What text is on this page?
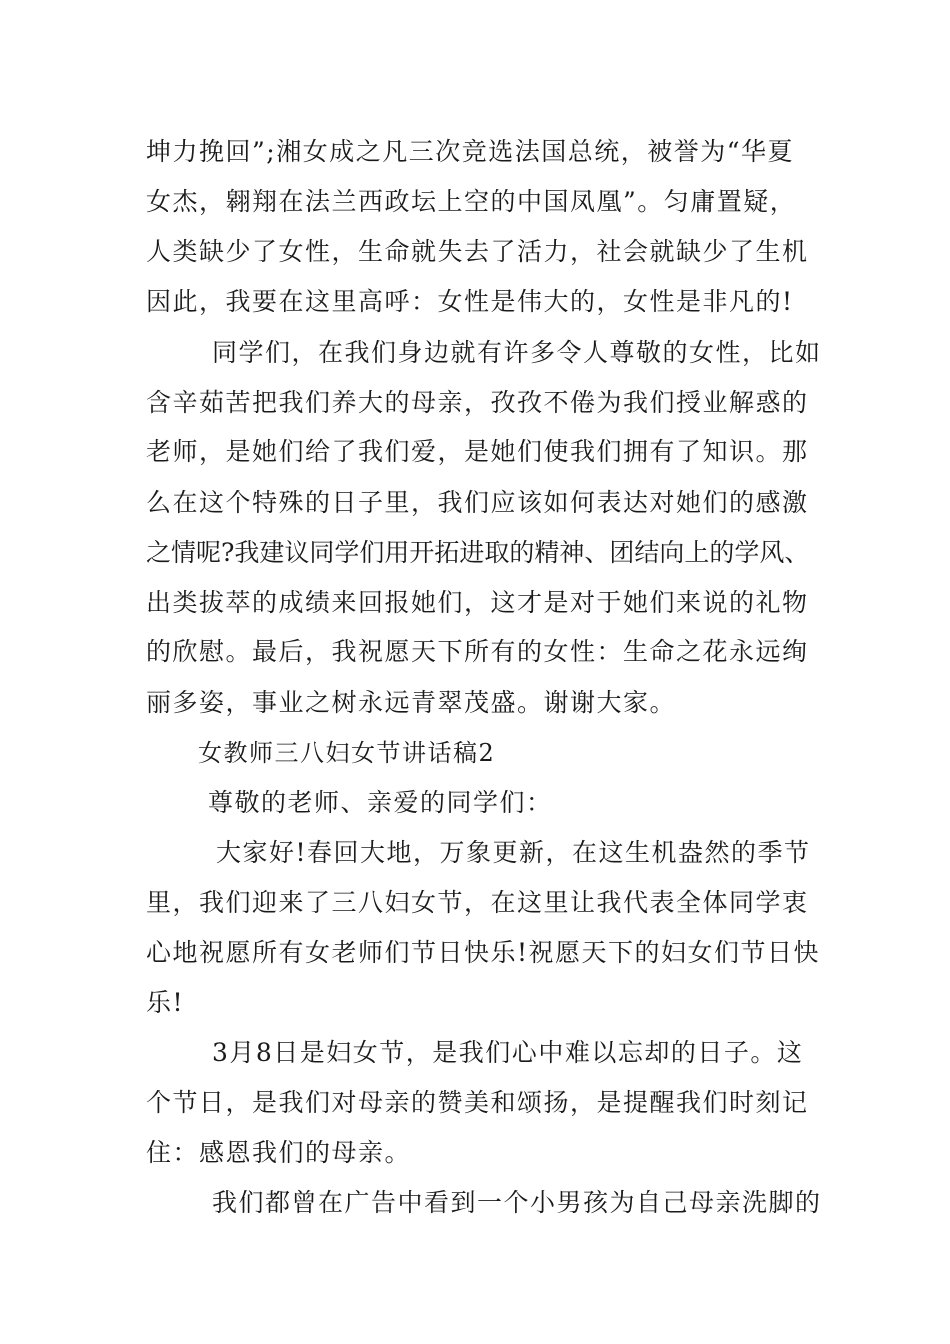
坤力挽回”;湘女成之凡三次竞选法国总统，被誉为“华夏
女杰，翱翔在法兰西政坛上空的中国凤凰”。匀庸置疑，
人类缺少了女性，生命就失去了活力，社会就缺少了生机
因此，我要在这里高呼：女性是伟大的，女性是非凡的!
同学们，在我们身边就有许多令人尊敬的女性，比如
含辛茹苦把我们养大的母亲，孜孜不倦为我们授业解惑的
老师，是她们给了我们爱，是她们使我们拥有了知识。那
么在这个特殊的日子里，我们应该如何表达对她们的感激
之情呢?我建议同学们用开拓进取的精神、团结向上的学风、
出类拔萃的成绩来回报她们，这才是对于她们来说的礼物
的欣慰。最后，我祝愿天下所有的女性：生命之花永远绚
丽多姿，事业之树永远青翠茂盛。谢谢大家。
女教师三八妇女节讲话稿2
尊敬的老师、亲爱的同学们：
大家好!春回大地，万象更新，在这生机盎然的季节
里，我们迎来了三八妇女节，在这里让我代表全体同学衷
心地祝愿所有女老师们节日快乐!祝愿天下的妇女们节日快
乐!
3月8日是妇女节，是我们心中难以忘却的日子。这
个节日，是我们对母亲的赞美和颂扬，是提醒我们时刻记
住：感恩我们的母亲。
我们都曾在广告中看到一个小男孩为自己母亲洗脚的
